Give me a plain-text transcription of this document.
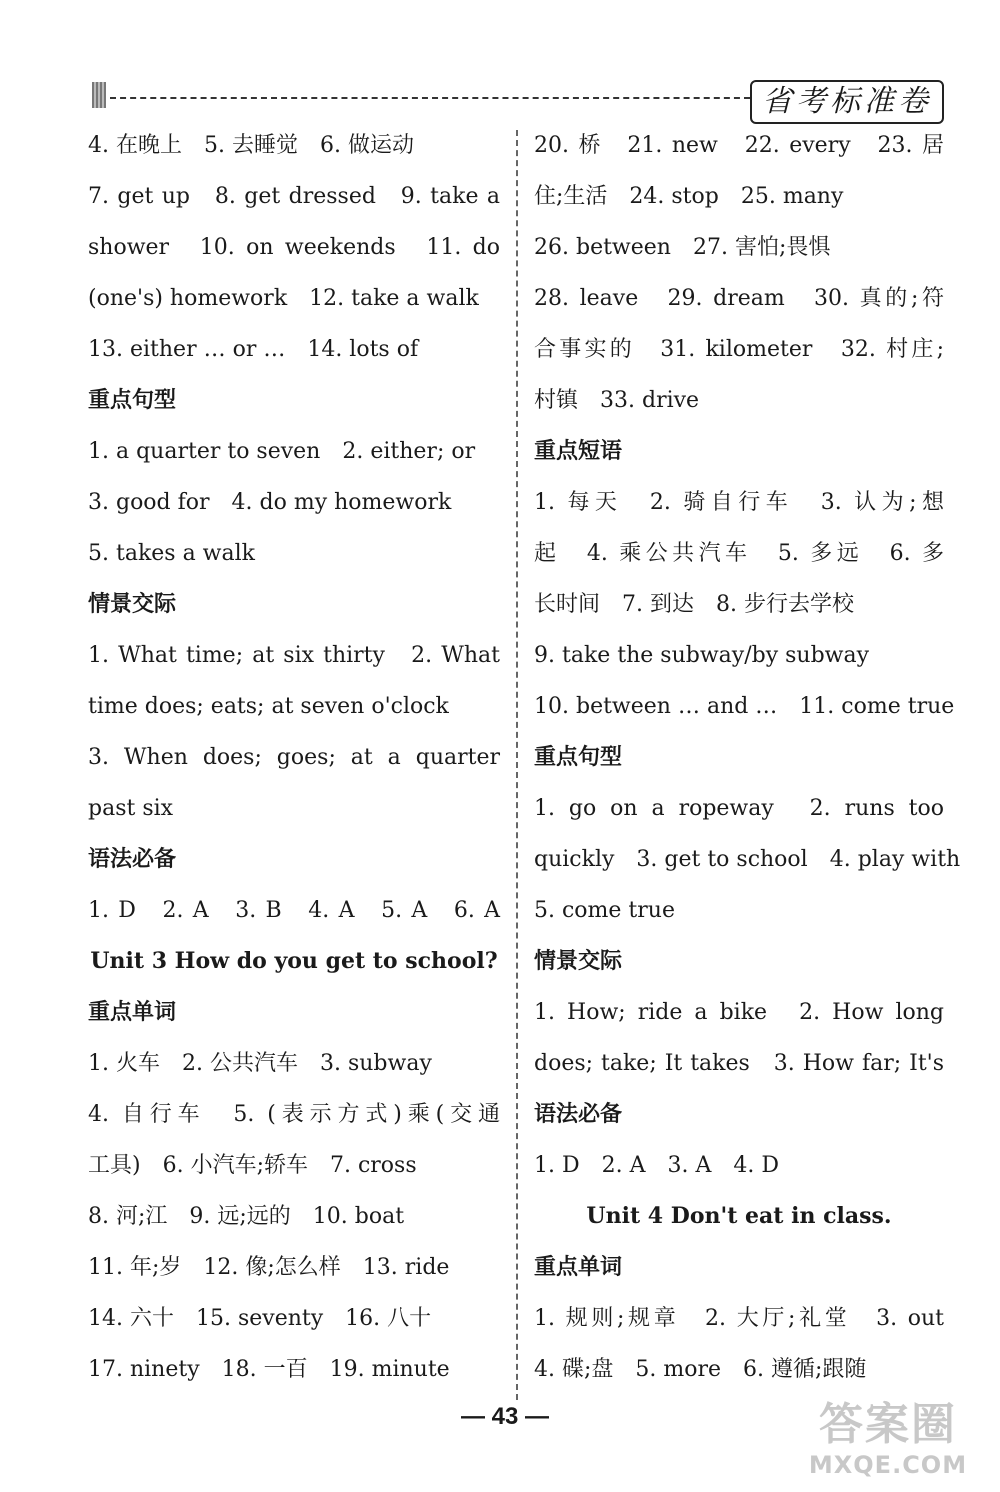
省考标准卷
4. 在晚上　5. 去睡觉　6. 做运动
7. get up　8. get dressed　9. take a
shower　10. on weekends　11. do
(one's) homework　12. take a walk
13. either … or …　14. lots of
重点句型
1. a quarter to seven　2. either; or
3. good for　4. do my homework
5. takes a walk
情景交际
1. What time; at six thirty　2. What
time does; eats; at seven o'clock
3. When does; goes; at a quarter
past six
语法必备
1. D　2. A　3. B　4. A　5. A　6. A
Unit 3 How do you get to school?
重点单词
1. 火车　2. 公共汽车　3. subway
4. 自行车　5. (表示方式)乘(交通
工具)　6. 小汽车;轿车　7. cross
8. 河;江　9. 远;远的　10. boat
11. 年;岁　12. 像;怎么样　13. ride
14. 六十　15. seventy　16. 八十
17. ninety　18. 一百　19. minute
20. 桥　21. new　22. every　23. 居
住;生活　24. stop　25. many
26. between　27. 害怕;畏惧
28. leave　29. dream　30. 真的;符
合事实的　31. kilometer　32. 村庄;
村镇　33. drive
重点短语
1. 每天　2. 骑自行车　3. 认为;想
起　4. 乘公共汽车　5. 多远　6. 多
长时间　7. 到达　8. 步行去学校
9. take the subway/by subway
10. between … and …　11. come true
重点句型
1. go on a ropeway　2. runs too
quickly　3. get to school　4. play with
5. come true
情景交际
1. How; ride a bike　2. How long
does; take; It takes　3. How far; It's
语法必备
1. D　2. A　3. A　4. D
Unit 4 Don't eat in class.
重点单词
1. 规则;规章　2. 大厅;礼堂　3. out
4. 碟;盘　5. more　6. 遵循;跟随
— 43 —	答案圈
MXQE.COM
